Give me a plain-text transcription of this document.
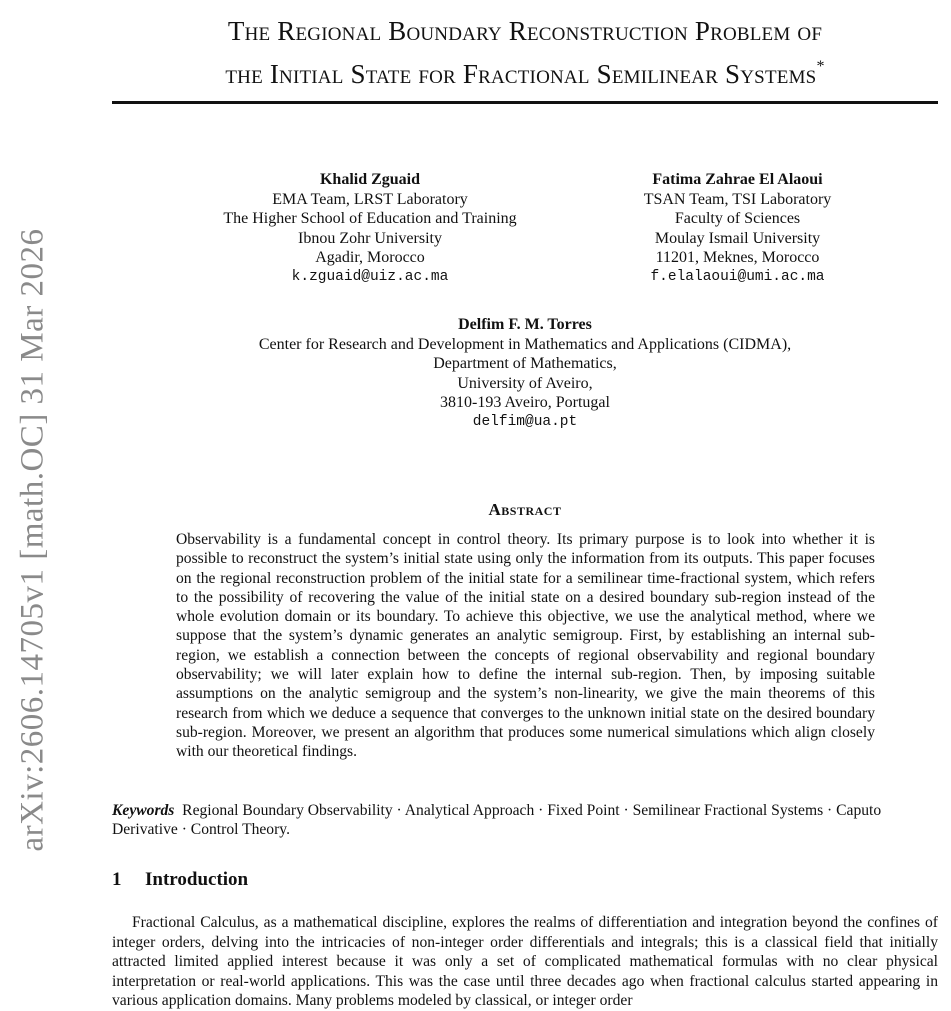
arXiv:2606.14705v1 [math.OC] 31 Mar 2026
The Regional Boundary Reconstruction Problem of
the Initial State for Fractional Semilinear Systems*
Khalid Zguaid
EMA Team, LRST Laboratory
The Higher School of Education and Training
Ibnou Zohr University
Agadir, Morocco
k.zguaid@uiz.ac.ma
Fatima Zahrae El Alaoui
TSAN Team, TSI Laboratory
Faculty of Sciences
Moulay Ismail University
11201, Meknes, Morocco
f.elalaoui@umi.ac.ma
Delfim F. M. Torres
Center for Research and Development in Mathematics and Applications (CIDMA),
Department of Mathematics,
University of Aveiro,
3810-193 Aveiro, Portugal
delfim@ua.pt
Abstract
Observability is a fundamental concept in control theory. Its primary purpose is to look into whether it is possible to reconstruct the system’s initial state using only the information from its outputs. This paper focuses on the regional reconstruction problem of the initial state for a semilinear time-fractional system, which refers to the possibility of recovering the value of the initial state on a desired boundary sub-region instead of the whole evolution domain or its boundary. To achieve this objective, we use the analytical method, where we suppose that the system’s dynamic generates an analytic semigroup. First, by establishing an internal sub-region, we establish a connection between the concepts of regional observability and regional boundary observability; we will later explain how to define the internal sub-region. Then, by imposing suitable assumptions on the analytic semigroup and the system’s non-linearity, we give the main theorems of this research from which we deduce a sequence that converges to the unknown initial state on the desired boundary sub-region. Moreover, we present an algorithm that produces some numerical simulations which align closely with our theoretical findings.
Keywords Regional Boundary Observability · Analytical Approach · Fixed Point · Semilinear Fractional Systems · Caputo Derivative · Control Theory.
1 Introduction
Fractional Calculus, as a mathematical discipline, explores the realms of differentiation and integration beyond the confines of integer orders, delving into the intricacies of non-integer order differentials and integrals; this is a classical field that initially attracted limited applied interest because it was only a set of complicated mathematical formulas with no clear physical interpretation or real-world applications. This was the case until three decades ago when fractional calculus started appearing in various application domains. Many problems modeled by classical, or integer order
